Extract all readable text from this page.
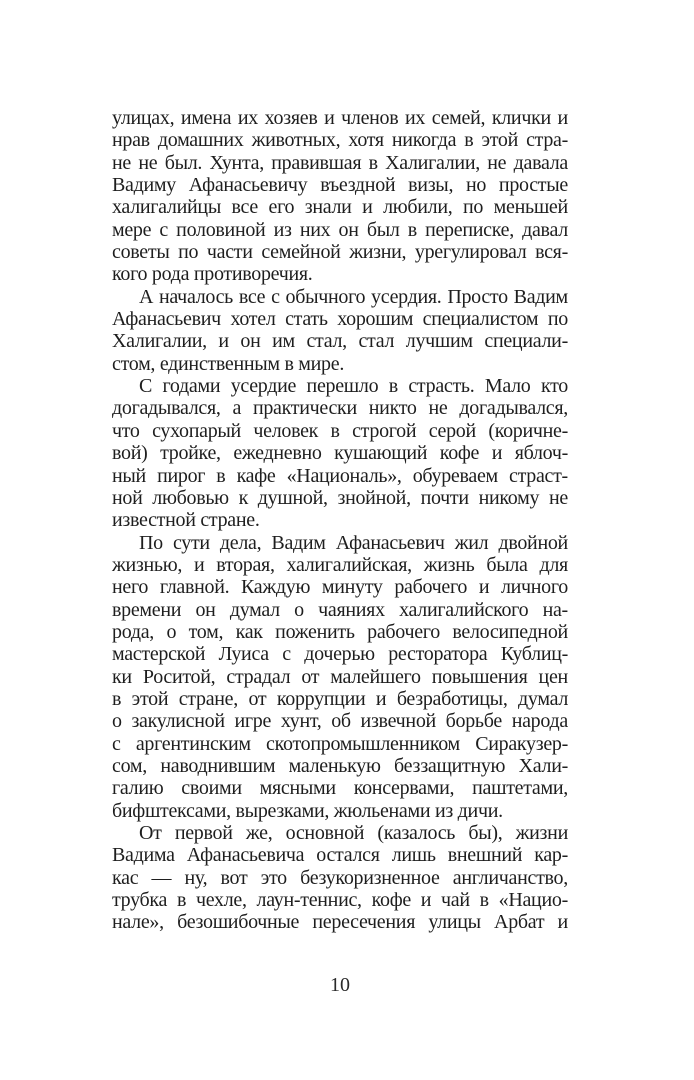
улицах, имена их хозяев и членов их семей, клички и
нрав домашних животных, хотя никогда в этой стра-
не не был. Хунта, правившая в Халигалии, не давала
Вадиму Афанасьевичу въездной визы, но простые
халигалийцы все его знали и любили, по меньшей
мере с половиной из них он был в переписке, давал
советы по части семейной жизни, урегулировал вся-
кого рода противоречия.
А началось все с обычного усердия. Просто Вадим
Афанасьевич хотел стать хорошим специалистом по
Халигалии, и он им стал, стал лучшим специали-
стом, единственным в мире.
С годами усердие перешло в страсть. Мало кто
догадывался, а практически никто не догадывался,
что сухопарый человек в строгой серой (коричне-
вой) тройке, ежедневно кушающий кофе и яблоч-
ный пирог в кафе «Националь», обуреваем страст-
ной любовью к душной, знойной, почти никому не
известной стране.
По сути дела, Вадим Афанасьевич жил двойной
жизнью, и вторая, халигалийская, жизнь была для
него главной. Каждую минуту рабочего и личного
времени он думал о чаяниях халигалийского на-
рода, о том, как поженить рабочего велосипедной
мастерской Луиса с дочерью ресторатора Кублиц-
ки Роситой, страдал от малейшего повышения цен
в этой стране, от коррупции и безработицы, думал
о закулисной игре хунт, об извечной борьбе народа
с аргентинским скотопромышленником Сиракузер-
сом, наводнившим маленькую беззащитную Хали-
галию своими мясными консервами, паштетами,
бифштексами, вырезками, жюльенами из дичи.
От первой же, основной (казалось бы), жизни
Вадима Афанасьевича остался лишь внешний кар-
кас — ну, вот это безукоризненное англичанство,
трубка в чехле, лаун-теннис, кофе и чай в «Нацио-
нале», безошибочные пересечения улицы Арбат и
10
